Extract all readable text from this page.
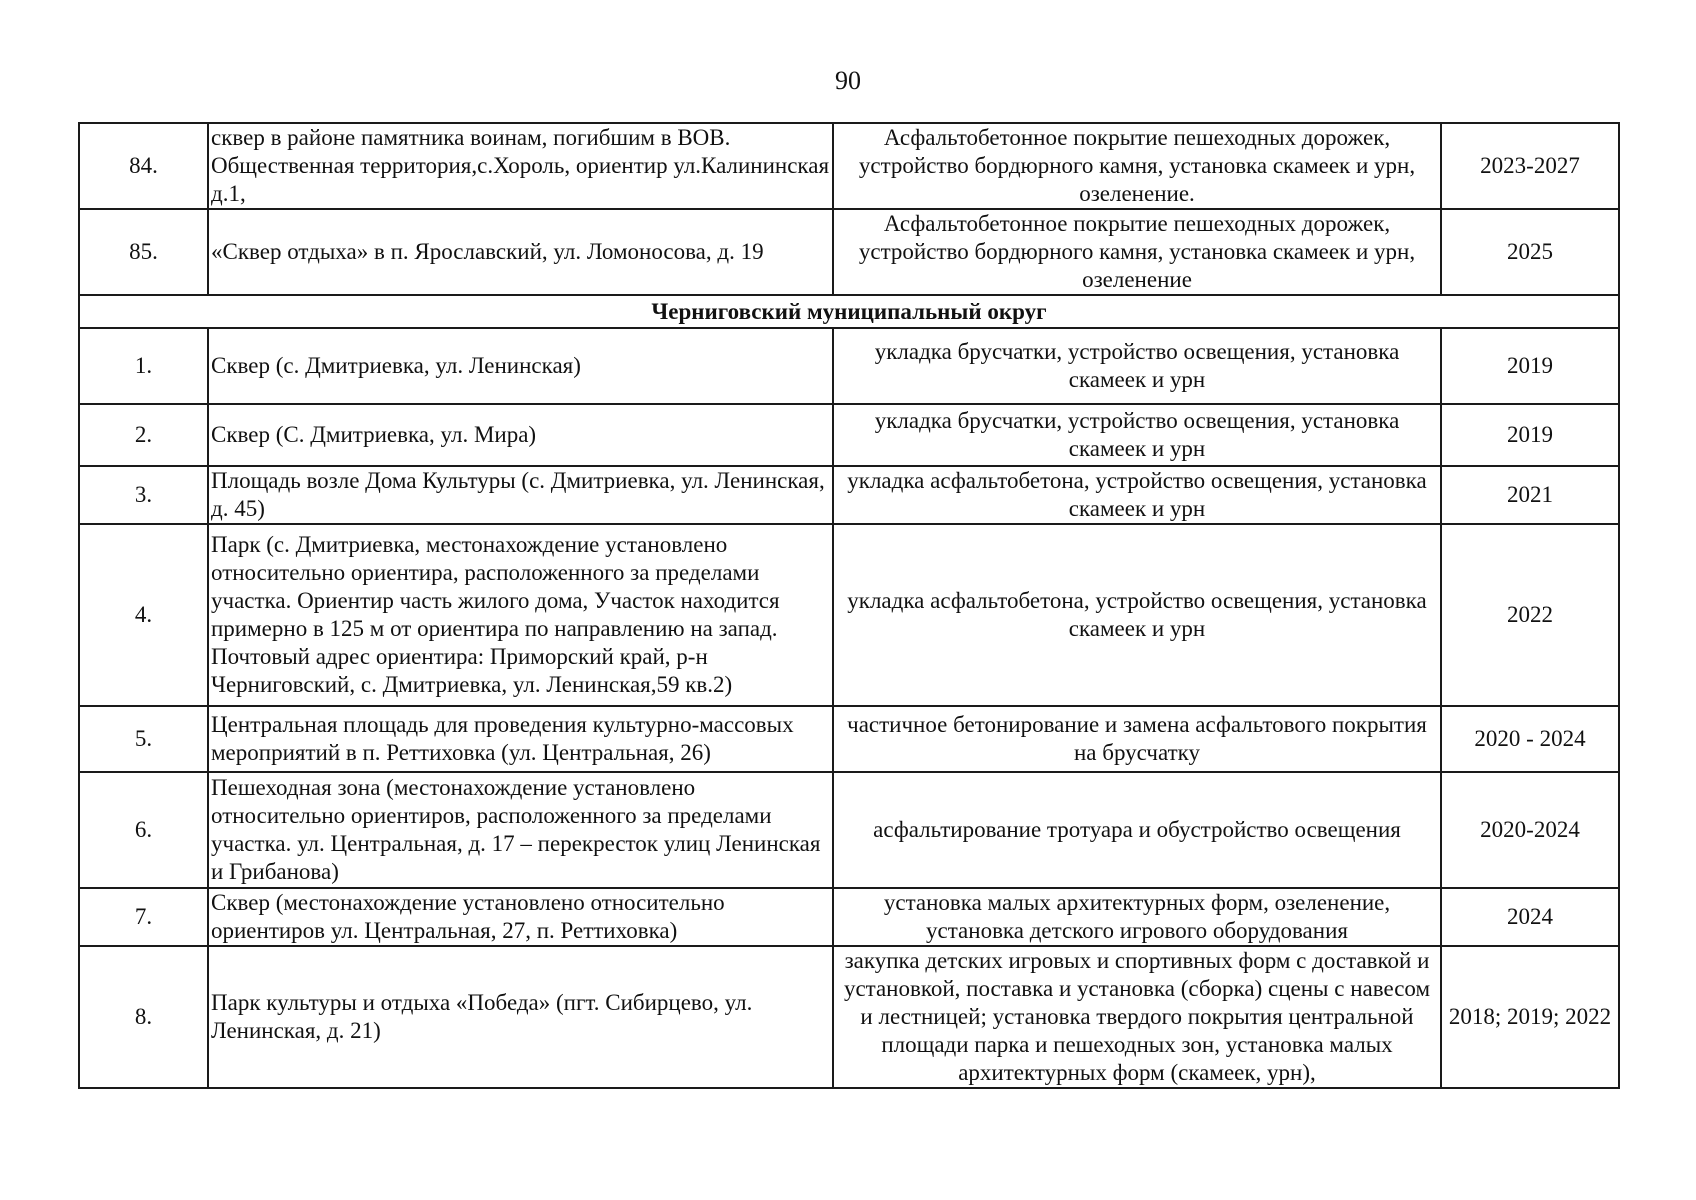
90
84.	сквер в районе памятника воинам, погибшим в ВОВ. Общественная территория,с.Хороль, ориентир ул.Калининская д.1,	Асфальтобетонное покрытие пешеходных дорожек, устройство бордюрного камня, установка скамеек и урн, озеленение.	2023-2027
85.	«Сквер отдыха» в п. Ярославский, ул. Ломоносова, д. 19	Асфальтобетонное покрытие пешеходных дорожек, устройство бордюрного камня, установка скамеек и урн, озеленение	2025
Черниговский муниципальный округ			
1.	Сквер (с. Дмитриевка, ул. Ленинская)	укладка брусчатки, устройство освещения, установка скамеек и урн	2019
2.	Сквер (С. Дмитриевка, ул. Мира)	укладка брусчатки, устройство освещения, установка скамеек и урн	2019
3.	Площадь возле Дома Культуры (с. Дмитриевка, ул. Ленинская, д. 45)	укладка асфальтобетона, устройство освещения, установка скамеек и урн	2021
4.	Парк (с. Дмитриевка, местонахождение установлено относительно ориентира, расположенного за пределами участка. Ориентир часть жилого дома, Участок находится примерно в 125 м от ориентира по направлению на запад. Почтовый адрес ориентира: Приморский край, р-н Черниговский, с. Дмитриевка, ул. Ленинская,59 кв.2)	укладка асфальтобетона, устройство освещения, установка скамеек и урн	2022
5.	Центральная площадь для проведения культурно-массовых мероприятий в п. Реттиховка (ул. Центральная, 26)	частичное бетонирование и замена асфальтового покрытия на брусчатку	2020 - 2024
6.	Пешеходная зона (местонахождение установлено относительно ориентиров, расположенного за пределами участка. ул. Центральная, д. 17 – перекресток улиц Ленинская и Грибанова)	асфальтирование тротуара и обустройство освещения	2020-2024
7.	Сквер (местонахождение установлено относительно ориентиров ул. Центральная, 27, п. Реттиховка)	установка малых архитектурных форм, озеленение, установка детского игрового оборудования	2024
8.	Парк культуры и отдыха «Победа» (пгт. Сибирцево, ул. Ленинская, д. 21)	закупка детских игровых и спортивных форм с доставкой и установкой, поставка и установка (сборка) сцены с навесом и лестницей; установка твердого покрытия центральной площади парка и пешеходных зон, установка малых архитектурных форм (скамеек, урн),	2018; 2019; 2022
